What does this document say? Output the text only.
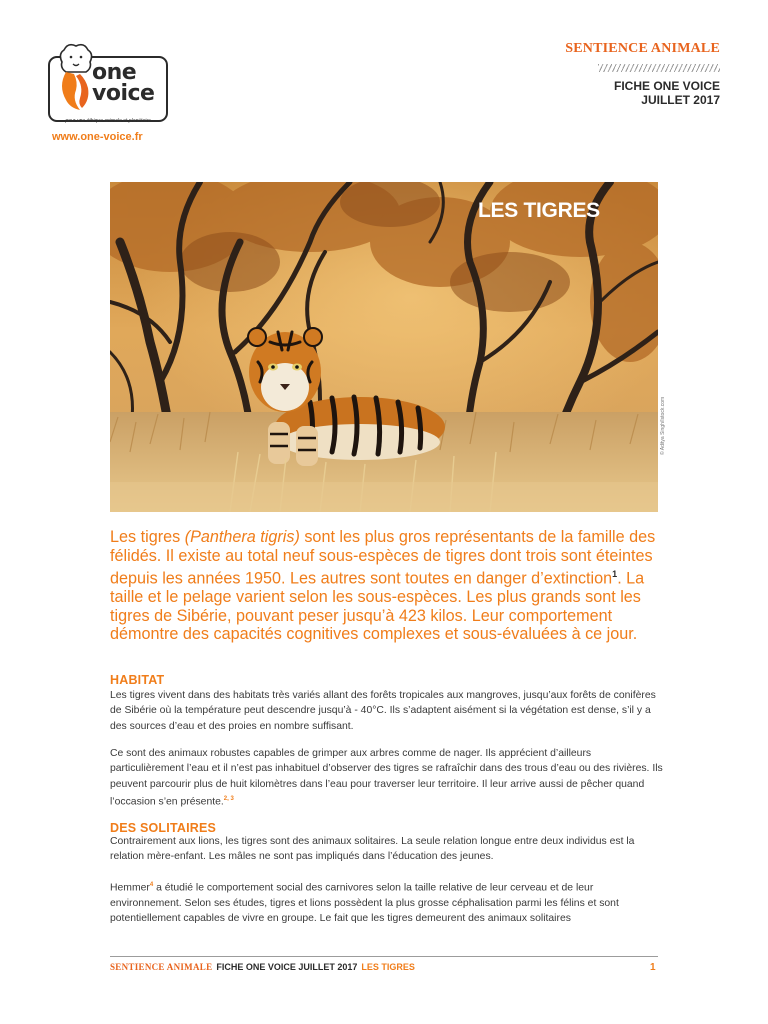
one
voice
pour une éthique animale et planétaire
www.one-voice.fr
SENTIENCE ANIMALE
FICHE ONE VOICE
JUILLET 2017
LES TIGRES
© Aditya Singh/Istock.com
Les tigres (Panthera tigris) sont les plus gros représentants de la famille des félidés. Il existe au total neuf sous-espèces de tigres dont trois sont éteintes depuis les années 1950. Les autres sont toutes en danger d’extinction$^1$. La taille et le pelage varient selon les sous-espèces. Les plus grands sont les tigres de Sibérie, pouvant peser jusqu’à 423 kilos. Leur comportement démontre des capacités cognitives complexes et sous-évaluées à ce jour.
HABITAT
Les tigres vivent dans des habitats très variés allant des forêts tropicales aux mangroves, jusqu’aux forêts de conifères de Sibérie où la température peut descendre jusqu’à - 40°C. Ils s’adaptent aisément si la végétation est dense, s’il y a des sources d’eau et des proies en nombre suffisant.
Ce sont des animaux robustes capables de grimper aux arbres comme de nager. Ils apprécient d’ailleurs particulièrement l’eau et il n’est pas inhabituel d’observer des tigres se rafraîchir dans des trous d’eau ou des rivières. Ils peuvent parcourir plus de huit kilomètres dans l’eau pour traverser leur territoire. Il leur arrive aussi de pêcher quand l’occasion s’en présente.$^{2, 3}$
DES SOLITAIRES
Contrairement aux lions, les tigres sont des animaux solitaires. La seule relation longue entre deux individus est la relation mère-enfant. Les mâles ne sont pas impliqués dans l’éducation des jeunes.
Hemmer$^4$ a étudié le comportement social des carnivores selon la taille relative de leur cerveau et de leur environnement. Selon ses études, tigres et lions possèdent la plus grosse céphalisation parmi les félins et sont potentiellement capables de vivre en groupe. Le fait que les tigres demeurent des animaux solitaires
SENTIENCE ANIMALE FICHE ONE VOICE JUILLET 2017 LES TIGRES	1
